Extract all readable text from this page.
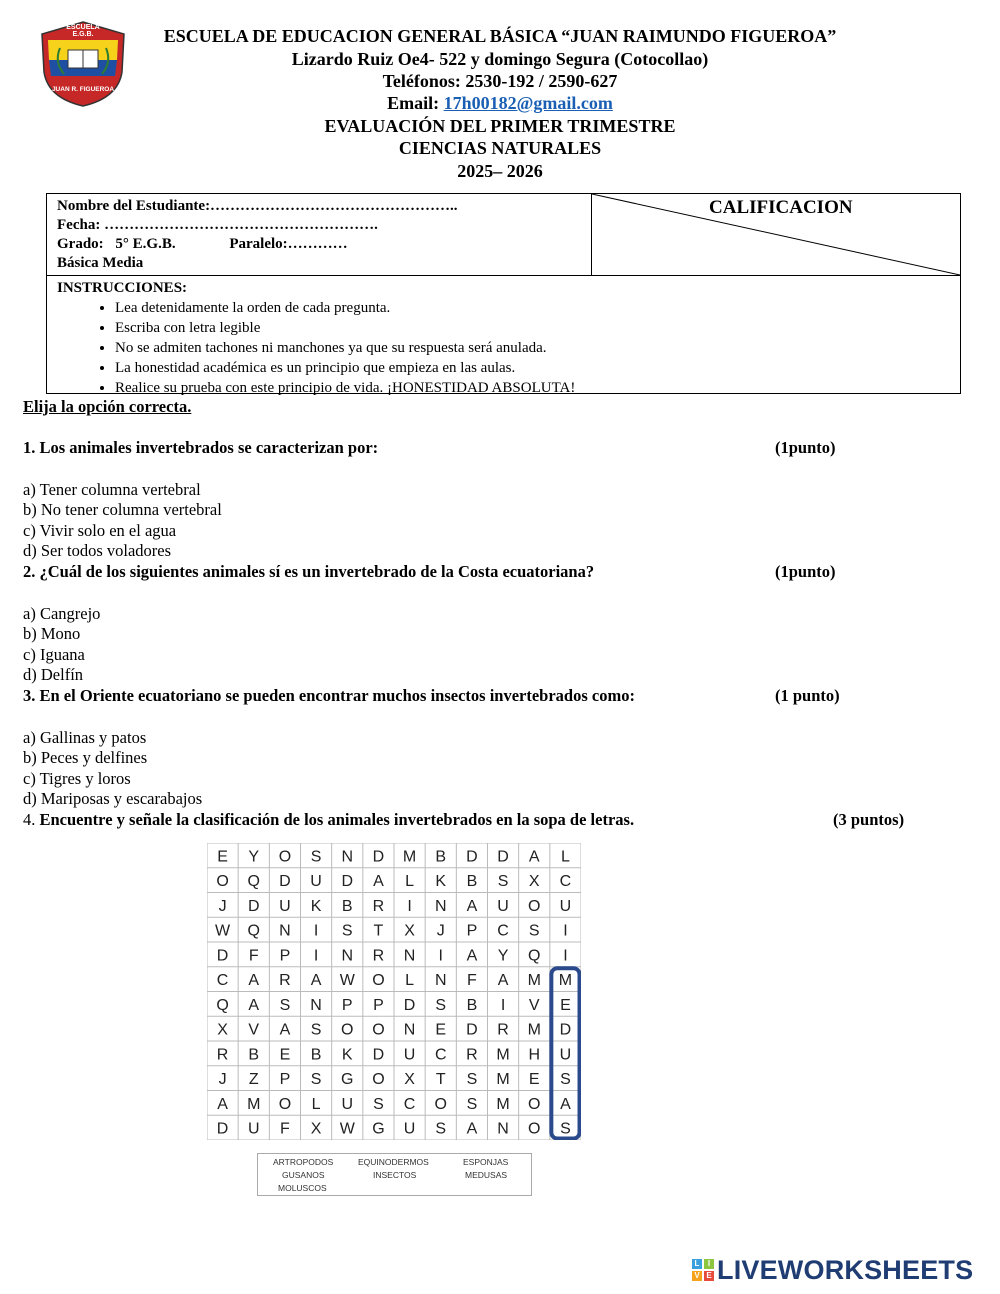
ESCUELA E.G.B.
JUAN R. FIGUEROA
ESCUELA DE EDUCACION GENERAL BÁSICA “JUAN RAIMUNDO FIGUEROA”
Lizardo Ruiz Oe4- 522 y domingo Segura (Cotocollao)
Teléfonos: 2530-192 / 2590-627
Email: 17h00182@gmail.com
EVALUACIÓN DEL PRIMER TRIMESTRE
CIENCIAS NATURALES
2025– 2026
Nombre del Estudiante:…………………………………………..
Fecha: ……………………………………………….
Grado: 5° E.G.B.	Paralelo:…………
Básica Media
CALIFICACION
INSTRUCCIONES:
• Lea detenidamente la orden de cada pregunta.
• Escriba con letra legible
• No se admiten tachones ni manchones ya que su respuesta será anulada.
• La honestidad académica es un principio que empieza en las aulas.
• Realice su prueba con este principio de vida. ¡HONESTIDAD ABSOLUTA!
Elija la opción correcta.
1. Los animales invertebrados se caracterizan por:	(1punto)
a) Tener columna vertebral
b) No tener columna vertebral
c) Vivir solo en el agua
d) Ser todos voladores
2. ¿Cuál de los siguientes animales sí es un invertebrado de la Costa ecuatoriana?	(1punto)
a) Cangrejo
b) Mono
c) Iguana
d) Delfín
3. En el Oriente ecuatoriano se pueden encontrar muchos insectos invertebrados como:	(1 punto)
a) Gallinas y patos
b) Peces y delfines
c) Tigres y loros
d) Mariposas y escarabajos
4. Encuentre y señale la clasificación de los animales invertebrados en la sopa de letras.	(3 puntos)
E Y O S N D M B D D A L
O Q D U D A L K B S X C
J D U K B R I N A U O U
W Q N I S T X J P C S I
D F P I N R N I A Y Q I
C A R A W O L N F A M M
Q A S N P P D S B I V E
X V A S O O N E D R M D
R B E B K D U C R M H U
J Z P S G O X T S M E S
A M O L U S C O S M O A
D U F X W G U S A N O S
ARTROPODOS	EQUINODERMOS	ESPONJAS
GUSANOS	INSECTOS	MEDUSAS
MOLUSCOS
L	I
V E LIVEWORKSHEETS
